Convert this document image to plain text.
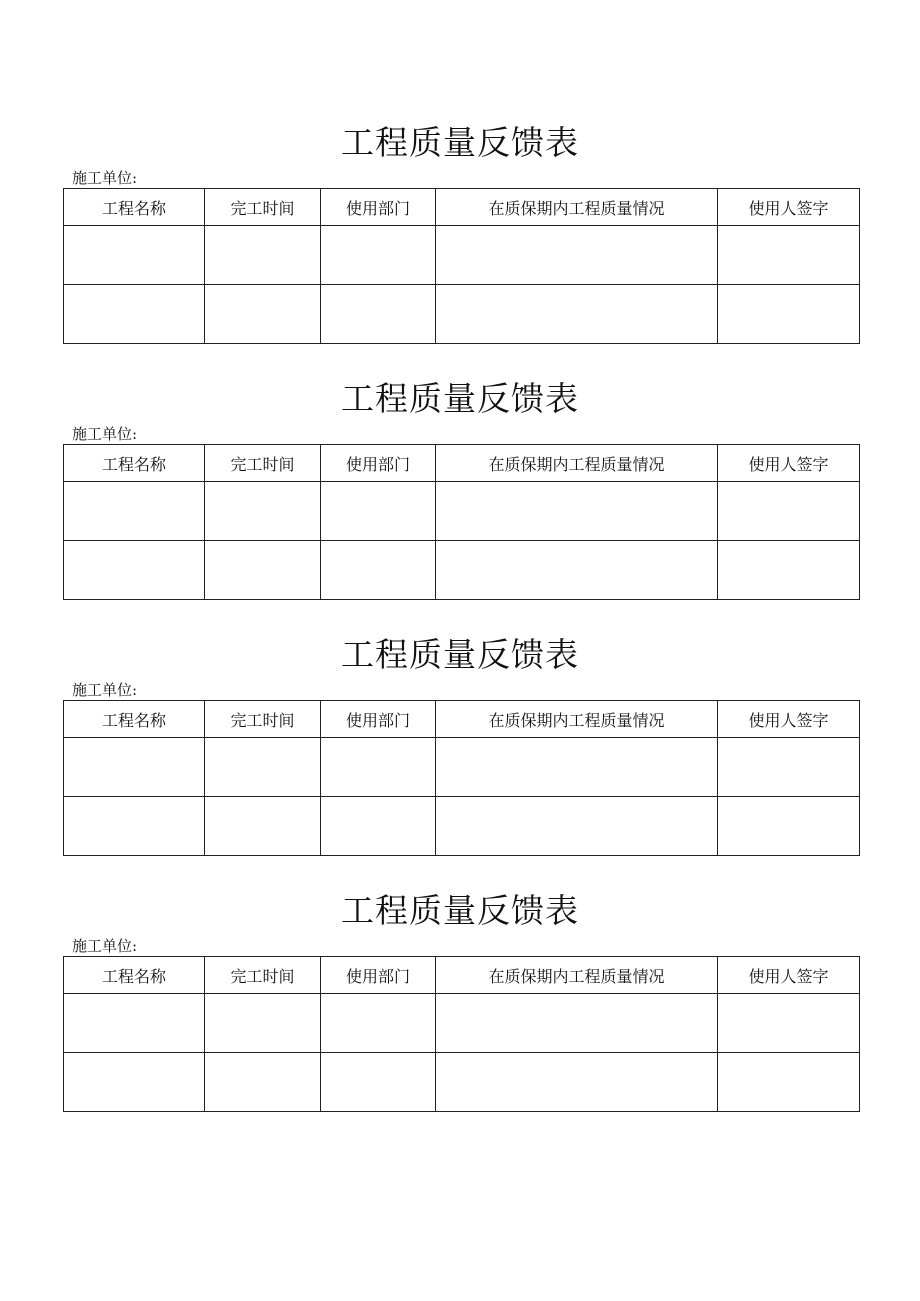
工程质量反馈表
施工单位:
工程名称	完工时间	使用部门	在质保期内工程质量情况	使用人签字

工程质量反馈表
施工单位:
工程名称	完工时间	使用部门	在质保期内工程质量情况	使用人签字

工程质量反馈表
施工单位:
工程名称	完工时间	使用部门	在质保期内工程质量情况	使用人签字

工程质量反馈表
施工单位:
工程名称	完工时间	使用部门	在质保期内工程质量情况	使用人签字
